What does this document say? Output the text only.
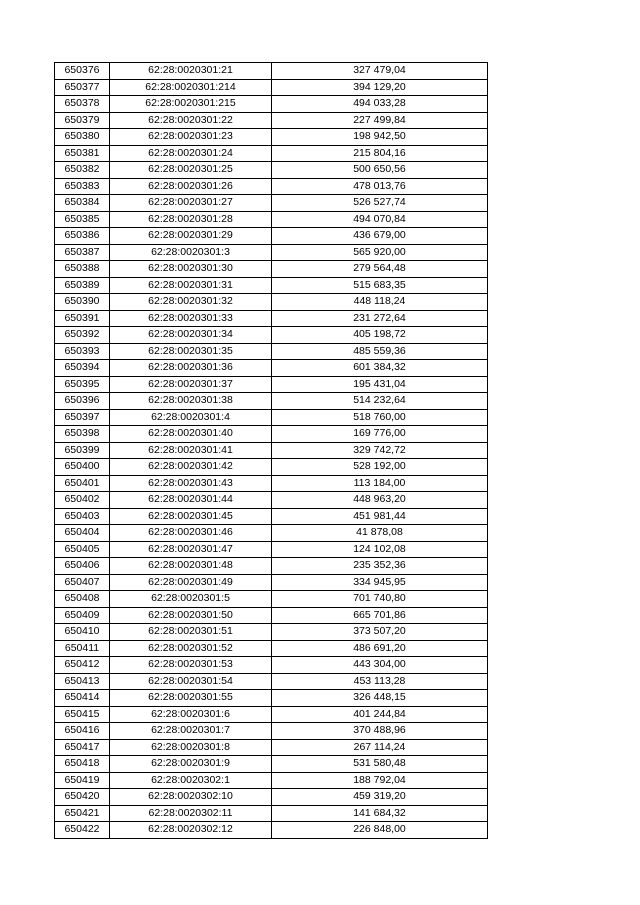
650376	62:28:0020301:21	327 479,04
650377	62:28:0020301:214	394 129,20
650378	62:28:0020301:215	494 033,28
650379	62:28:0020301:22	227 499,84
650380	62:28:0020301:23	198 942,50
650381	62:28:0020301:24	215 804,16
650382	62:28:0020301:25	500 650,56
650383	62:28:0020301:26	478 013,76
650384	62:28:0020301:27	526 527,74
650385	62:28:0020301:28	494 070,84
650386	62:28:0020301:29	436 679,00
650387	62:28:0020301:3	565 920,00
650388	62:28:0020301:30	279 564,48
650389	62:28:0020301:31	515 683,35
650390	62:28:0020301:32	448 118,24
650391	62:28:0020301:33	231 272,64
650392	62:28:0020301:34	405 198,72
650393	62:28:0020301:35	485 559,36
650394	62:28:0020301:36	601 384,32
650395	62:28:0020301:37	195 431,04
650396	62:28:0020301:38	514 232,64
650397	62:28:0020301:4	518 760,00
650398	62:28:0020301:40	169 776,00
650399	62:28:0020301:41	329 742,72
650400	62:28:0020301:42	528 192,00
650401	62:28:0020301:43	113 184,00
650402	62:28:0020301:44	448 963,20
650403	62:28:0020301:45	451 981,44
650404	62:28:0020301:46	41 878,08
650405	62:28:0020301:47	124 102,08
650406	62:28:0020301:48	235 352,36
650407	62:28:0020301:49	334 945,95
650408	62:28:0020301:5	701 740,80
650409	62:28:0020301:50	665 701,86
650410	62:28:0020301:51	373 507,20
650411	62:28:0020301:52	486 691,20
650412	62:28:0020301:53	443 304,00
650413	62:28:0020301:54	453 113,28
650414	62:28:0020301:55	326 448,15
650415	62:28:0020301:6	401 244,84
650416	62:28:0020301:7	370 488,96
650417	62:28:0020301:8	267 114,24
650418	62:28:0020301:9	531 580,48
650419	62:28:0020302:1	188 792,04
650420	62:28:0020302:10	459 319,20
650421	62:28:0020302:11	141 684,32
650422	62:28:0020302:12	226 848,00
